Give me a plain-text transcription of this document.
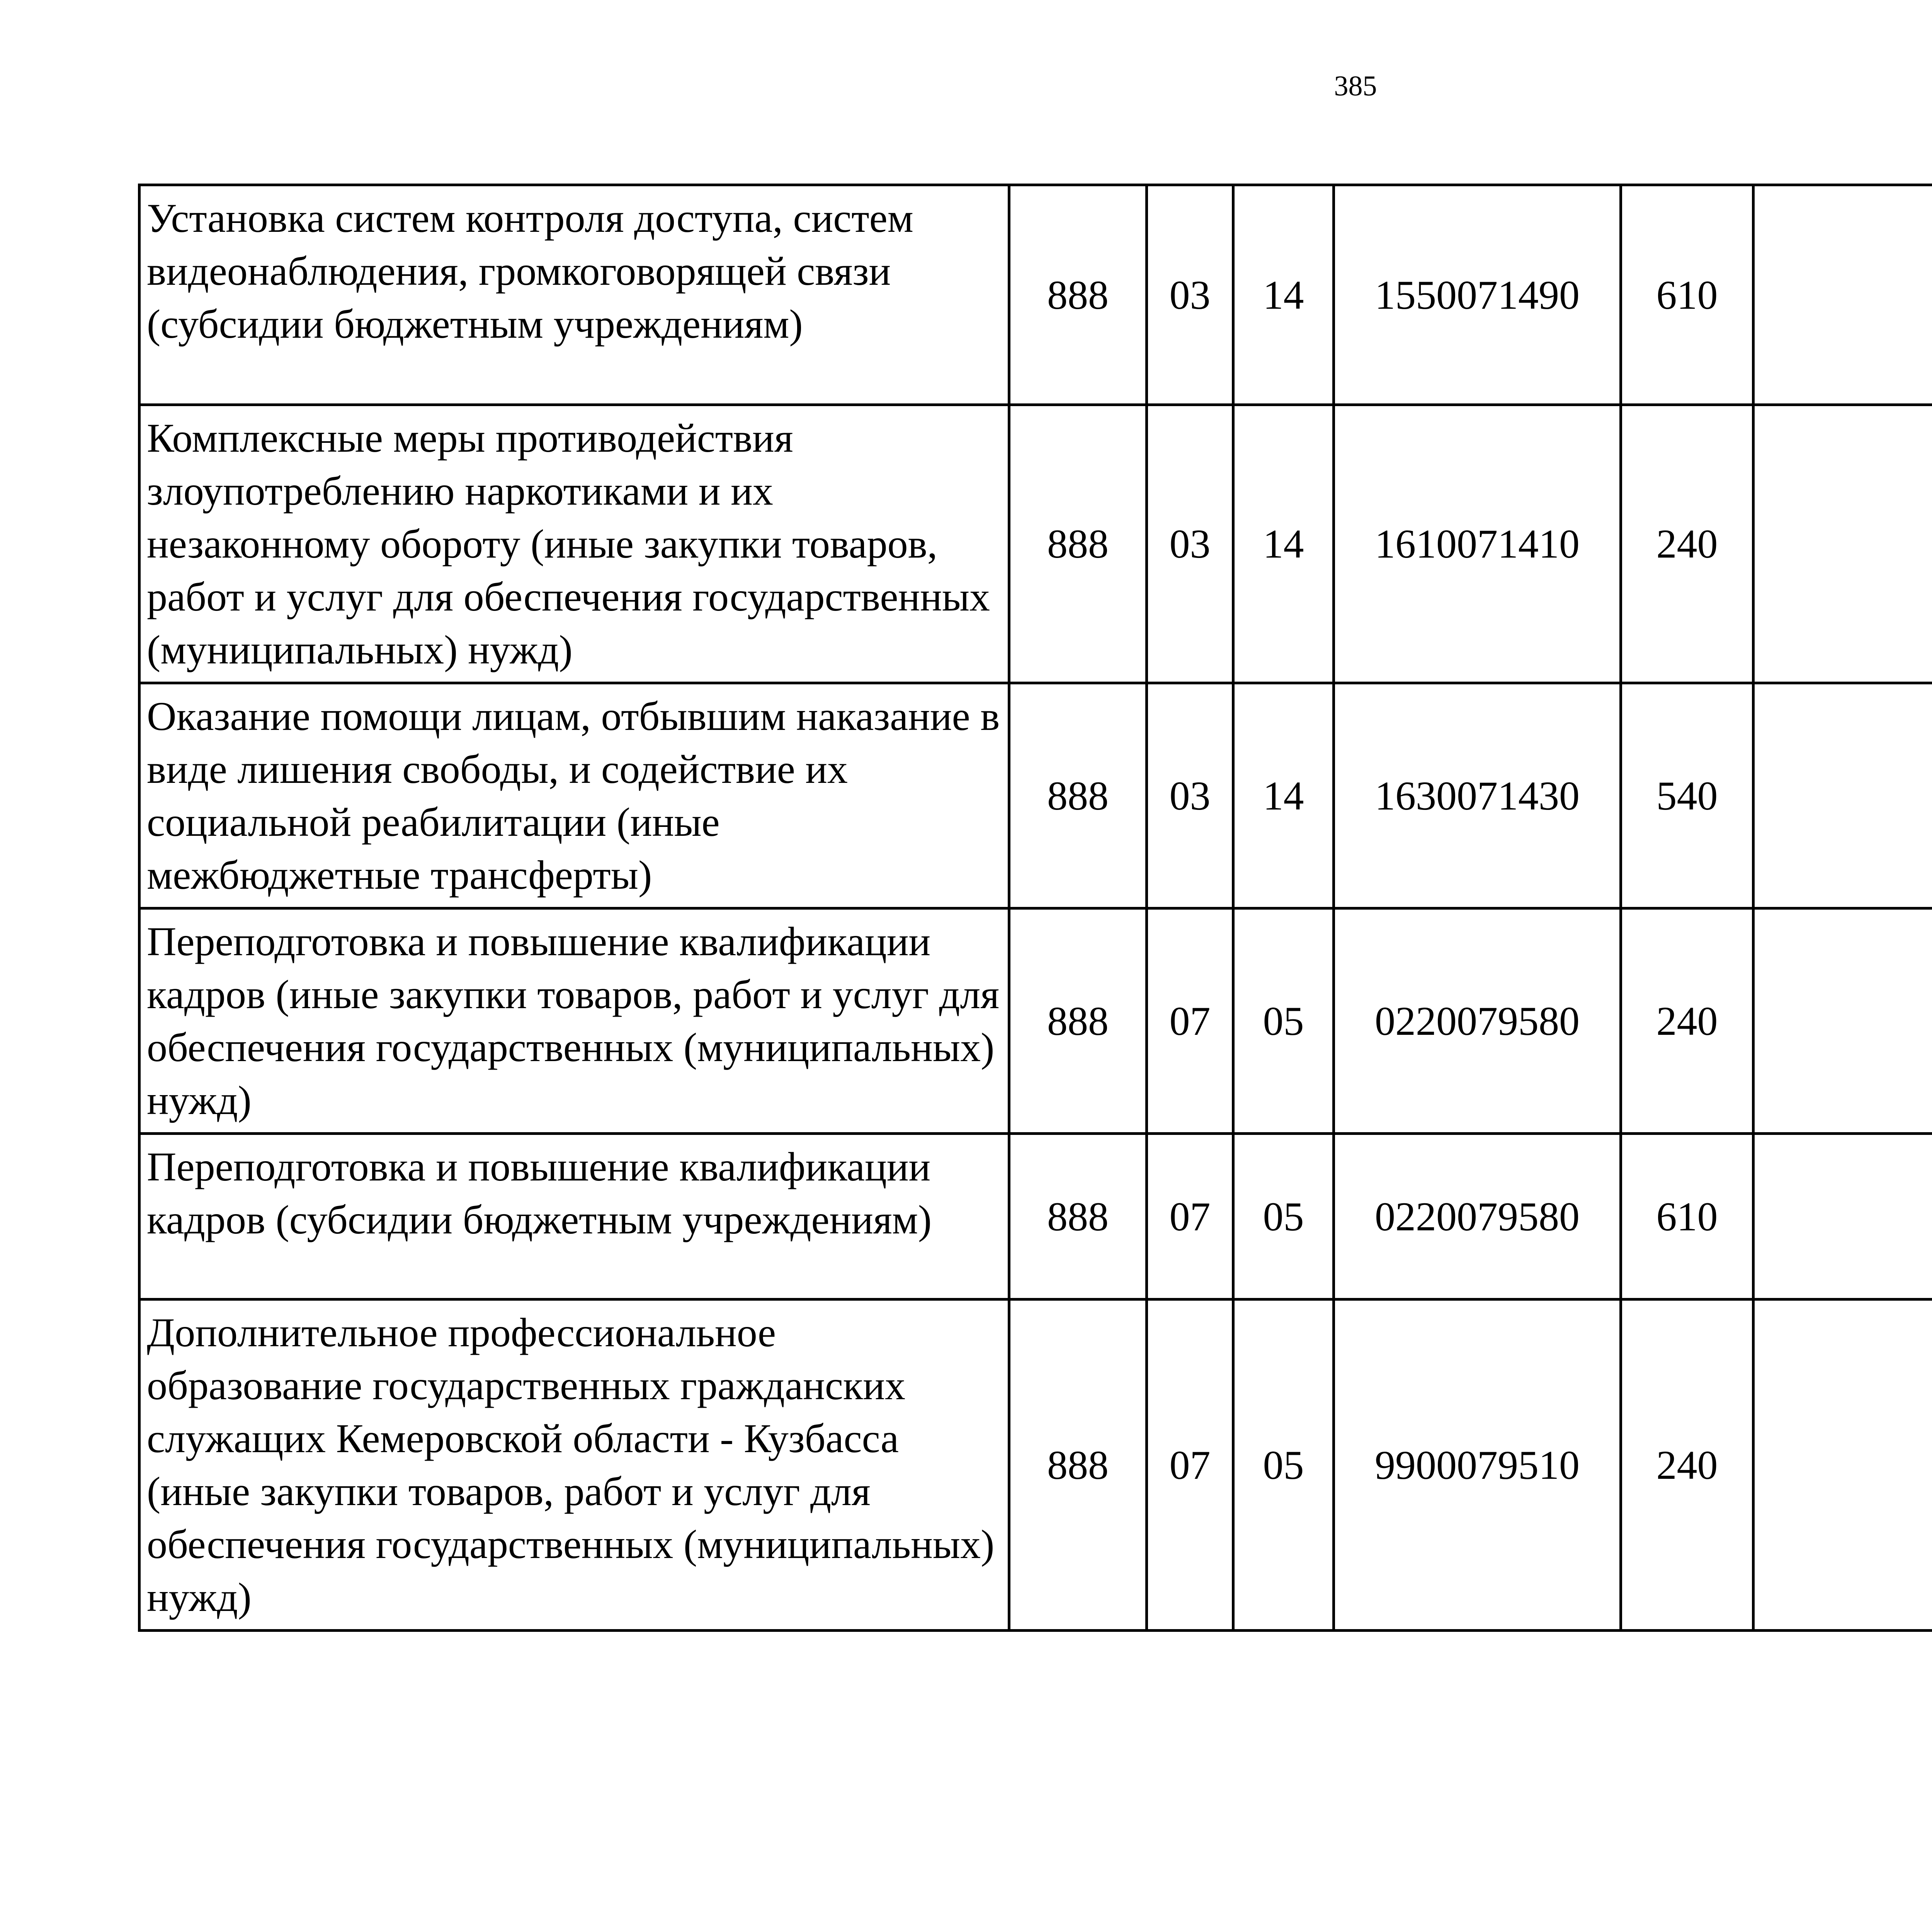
385
Установка систем контроля доступа, систем видеонаблюдения, громкоговорящей связи (субсидии бюджетным учреждениям)	888	03	14	1550071490	610			
Комплексные меры противодействия злоупотреблению наркотиками и их незаконному обороту (иные закупки товаров, работ и услуг для обеспечения государственных (муниципальных) нужд)	888	03	14	1610071410	240			
Оказание помощи лицам, отбывшим наказание в виде лишения свободы, и содействие их социальной реабилитации (иные межбюджетные трансферты)	888	03	14	1630071430	540			
Переподготовка и повышение квалификации кадров (иные закупки товаров, работ и услуг для обеспечения государственных (муниципальных) нужд)	888	07	05	0220079580	240			
Переподготовка и повышение квалификации кадров (субсидии бюджетным учреждениям)	888	07	05	0220079580	610			
Дополнительное профессиональное образование государственных гражданских служащих Кемеровской области - Кузбасса (иные закупки товаров, работ и услуг для обеспечения государственных (муниципальных) нужд)	888	07	05	9900079510	240			
